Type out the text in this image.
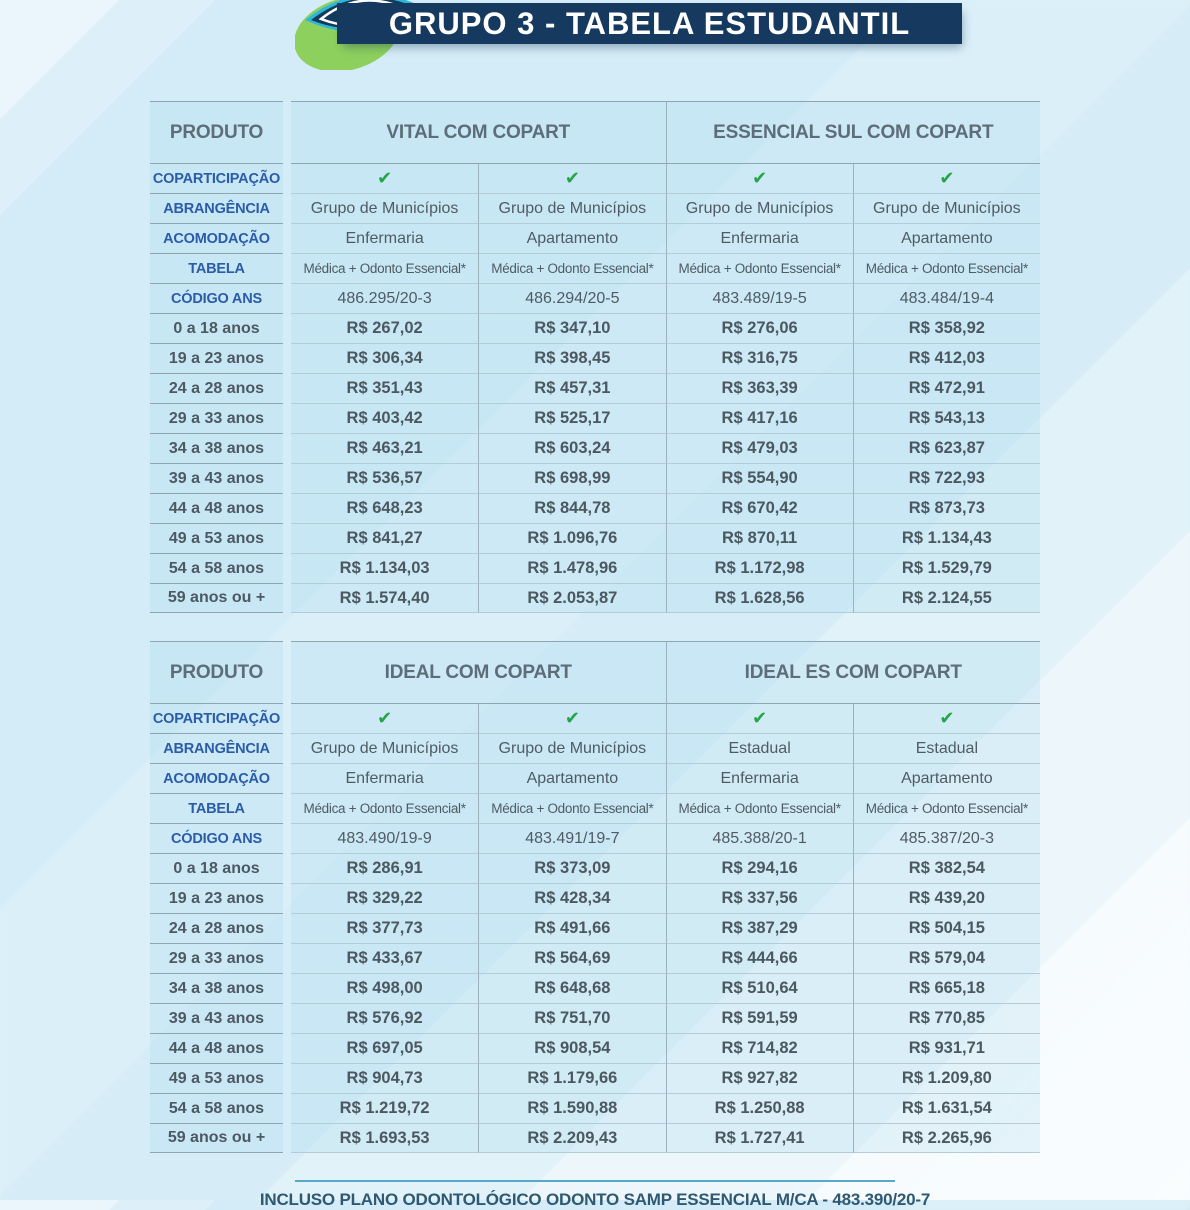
GRUPO 3 - TABELA ESTUDANTIL
PRODUTO	VITAL COM COPART	ESSENCIAL SUL COM COPART
COPARTICIPAÇÃO	✔	✔	✔	✔
ABRANGÊNCIA	Grupo de Municípios	Grupo de Municípios	Grupo de Municípios	Grupo de Municípios
ACOMODAÇÃO	Enfermaria	Apartamento	Enfermaria	Apartamento
TABELA	Médica + Odonto Essencial*	Médica + Odonto Essencial*	Médica + Odonto Essencial*	Médica + Odonto Essencial*
CÓDIGO ANS	486.295/20-3	486.294/20-5	483.489/19-5	483.484/19-4
0 a 18 anos	R$ 267,02	R$ 347,10	R$ 276,06	R$ 358,92
19 a 23 anos	R$ 306,34	R$ 398,45	R$ 316,75	R$ 412,03
24 a 28 anos	R$ 351,43	R$ 457,31	R$ 363,39	R$ 472,91
29 a 33 anos	R$ 403,42	R$ 525,17	R$ 417,16	R$ 543,13
34 a 38 anos	R$ 463,21	R$ 603,24	R$ 479,03	R$ 623,87
39 a 43 anos	R$ 536,57	R$ 698,99	R$ 554,90	R$ 722,93
44 a 48 anos	R$ 648,23	R$ 844,78	R$ 670,42	R$ 873,73
49 a 53 anos	R$ 841,27	R$ 1.096,76	R$ 870,11	R$ 1.134,43
54 a 58 anos	R$ 1.134,03	R$ 1.478,96	R$ 1.172,98	R$ 1.529,79
59 anos ou +	R$ 1.574,40	R$ 2.053,87	R$ 1.628,56	R$ 2.124,55
PRODUTO	IDEAL COM COPART	IDEAL ES COM COPART
COPARTICIPAÇÃO	✔	✔	✔	✔
ABRANGÊNCIA	Grupo de Municípios	Grupo de Municípios	Estadual	Estadual
ACOMODAÇÃO	Enfermaria	Apartamento	Enfermaria	Apartamento
TABELA	Médica + Odonto Essencial*	Médica + Odonto Essencial*	Médica + Odonto Essencial*	Médica + Odonto Essencial*
CÓDIGO ANS	483.490/19-9	483.491/19-7	485.388/20-1	485.387/20-3
0 a 18 anos	R$ 286,91	R$ 373,09	R$ 294,16	R$ 382,54
19 a 23 anos	R$ 329,22	R$ 428,34	R$ 337,56	R$ 439,20
24 a 28 anos	R$ 377,73	R$ 491,66	R$ 387,29	R$ 504,15
29 a 33 anos	R$ 433,67	R$ 564,69	R$ 444,66	R$ 579,04
34 a 38 anos	R$ 498,00	R$ 648,68	R$ 510,64	R$ 665,18
39 a 43 anos	R$ 576,92	R$ 751,70	R$ 591,59	R$ 770,85
44 a 48 anos	R$ 697,05	R$ 908,54	R$ 714,82	R$ 931,71
49 a 53 anos	R$ 904,73	R$ 1.179,66	R$ 927,82	R$ 1.209,80
54 a 58 anos	R$ 1.219,72	R$ 1.590,88	R$ 1.250,88	R$ 1.631,54
59 anos ou +	R$ 1.693,53	R$ 2.209,43	R$ 1.727,41	R$ 2.265,96
INCLUSO PLANO ODONTOLÓGICO ODONTO SAMP ESSENCIAL M/CA - 483.390/20-7
